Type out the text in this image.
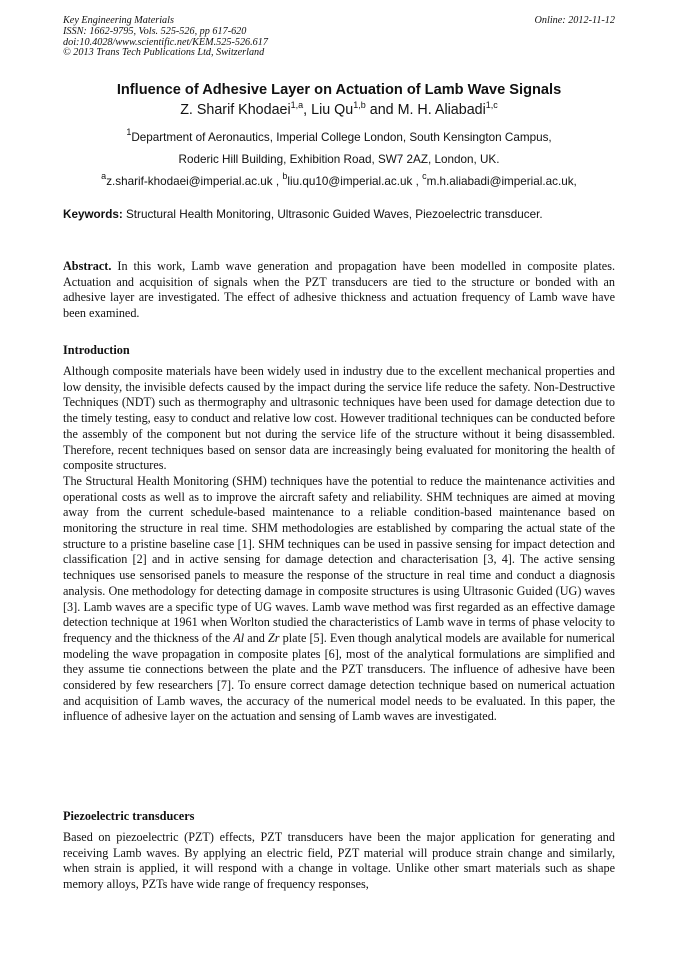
Key Engineering Materials
ISSN: 1662-9795, Vols. 525-526, pp 617-620
doi:10.4028/www.scientific.net/KEM.525-526.617
© 2013 Trans Tech Publications Ltd, Switzerland
Online: 2012-11-12
Influence of Adhesive Layer on Actuation of Lamb Wave Signals
Z. Sharif Khodaei$^{1,a}$, Liu Qu$^{1,b}$ and M. H. Aliabadi$^{1,c}$
$^1$Department of Aeronautics, Imperial College London, South Kensington Campus,
Roderic Hill Building, Exhibition Road, SW7 2AZ, London, UK.
$^a$z.sharif-khodaei@imperial.ac.uk , $^b$liu.qu10@imperial.ac.uk , $^c$m.h.aliabadi@imperial.ac.uk,
Keywords: Structural Health Monitoring, Ultrasonic Guided Waves, Piezoelectric transducer.

Abstract. In this work, Lamb wave generation and propagation have been modelled in composite plates. Actuation and acquisition of signals when the PZT transducers are tied to the structure or bonded with an adhesive layer are investigated. The effect of adhesive thickness and actuation frequency of Lamb wave have been examined.

Introduction

Although composite materials have been widely used in industry due to the excellent mechanical properties and low density, the invisible defects caused by the impact during the service life reduce the safety. Non-Destructive Techniques (NDT) such as thermography and ultrasonic techniques have been used for damage detection due to the timely testing, easy to conduct and relative low cost. However traditional techniques can be conducted before the assembly of the component but not during the service life of the structure without it being disassembled. Therefore, recent techniques based on sensor data are increasingly being evaluated for monitoring the health of composite structures.

The Structural Health Monitoring (SHM) techniques have the potential to reduce the maintenance activities and operational costs as well as to improve the aircraft safety and reliability. SHM techniques are aimed at moving away from the current schedule-based maintenance to a reliable condition-based maintenance based on monitoring the structure in real time. SHM methodologies are established by comparing the actual state of the structure to a pristine baseline case [1]. SHM techniques can be used in passive sensing for impact detection and classification [2] and in active sensing for damage detection and characterisation [3, 4]. The active sensing techniques use sensorised panels to measure the response of the structure in real time and conduct a diagnosis analysis. One methodology for detecting damage in composite structures is using Ultrasonic Guided (UG) waves [3]. Lamb waves are a specific type of UG waves. Lamb wave method was first regarded as an effective damage detection technique at 1961 when Worlton studied the characteristics of Lamb wave in terms of phase velocity to frequency and the thickness of the Al and Zr plate [5]. Even though analytical models are available for numerical modeling the wave propagation in composite plates [6], most of the analytical formulations are simplified and they assume tie connections between the plate and the PZT transducers. The influence of adhesive have been considered by few researchers [7]. To ensure correct damage detection technique based on numerical actuation and acquisition of Lamb waves, the accuracy of the numerical model needs to be evaluated. In this paper, the influence of adhesive layer on the actuation and sensing of Lamb waves are investigated.

Piezoelectric transducers

Based on piezoelectric (PZT) effects, PZT transducers have been the major application for generating and receiving Lamb waves. By applying an electric field, PZT material will produce strain change and similarly, when strain is applied, it will respond with a change in voltage. Unlike other smart materials such as shape memory alloys, PZTs have wide range of frequency responses,
